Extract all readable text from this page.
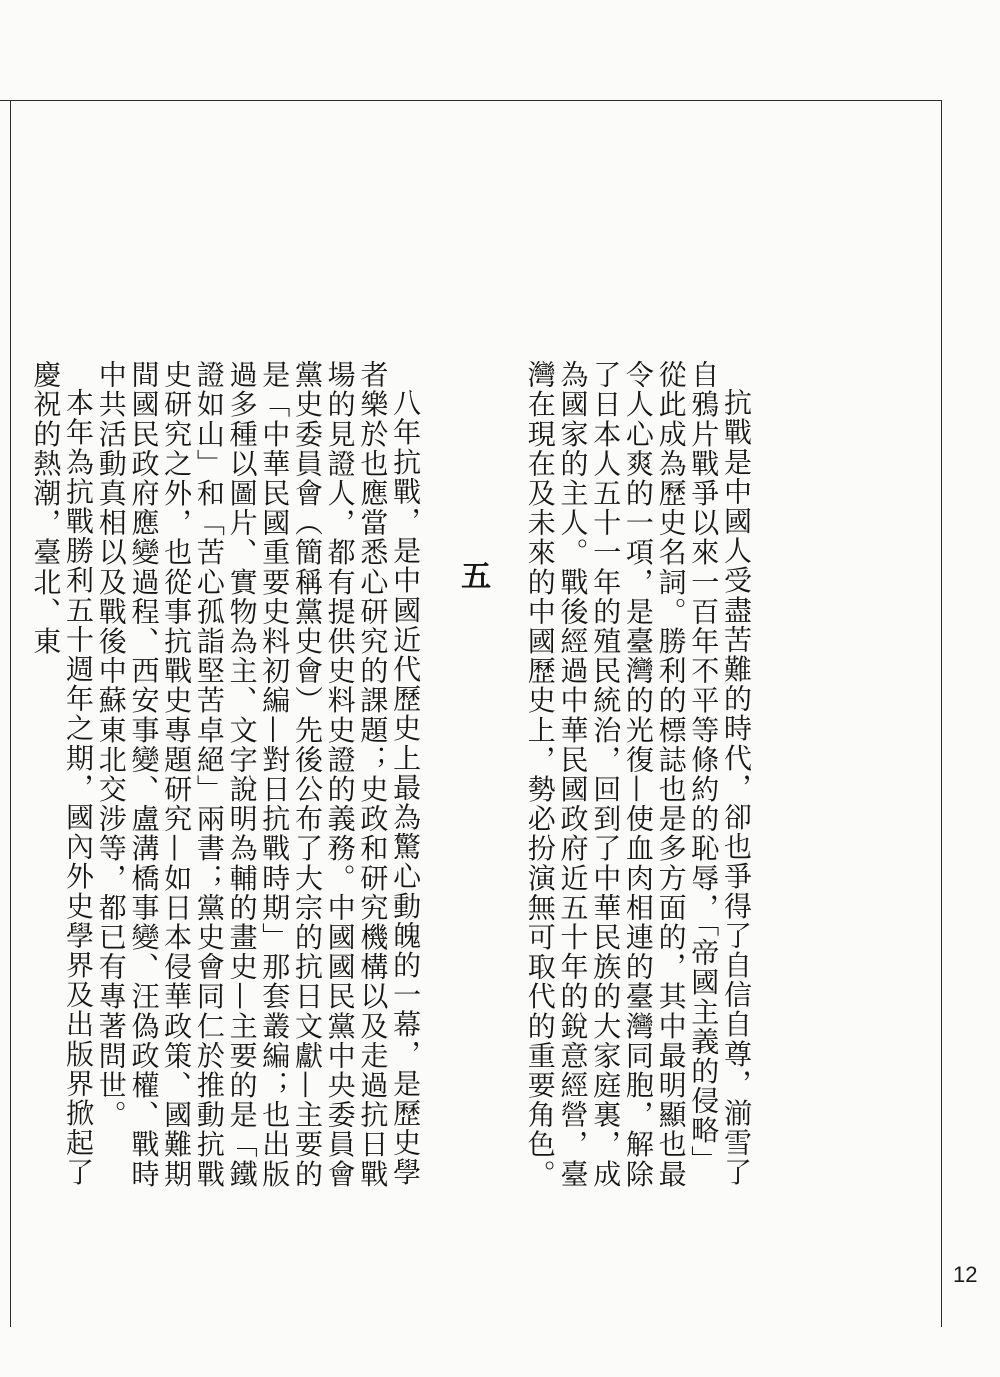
抗戰是中國人受盡苦難的時代，卻也爭得了自信自尊，湔雪了自鴉片戰爭以來一百年不平等條約的恥辱，「帝國主義的侵略」從此成為歷史名詞。勝利的標誌也是多方面的，其中最明顯也最令人心爽的一項，是臺灣的光復—使血肉相連的臺灣同胞，解除了日本人五十一年的殖民統治，回到了中華民族的大家庭裏，成為國家的主人。戰後經過中華民國政府近五十年的銳意經營，臺灣在現在及未來的中國歷史上，勢必扮演無可取代的重要角色。

五

八年抗戰，是中國近代歷史上最為驚心動魄的一幕，是歷史學者樂於也應當悉心研究的課題；史政和研究機構以及走過抗日戰場的見證人，都有提供史料史證的義務。中國國民黨中央委員會黨史委員會（簡稱黨史會）先後公布了大宗的抗日文獻—主要的是「中華民國重要史料初編—對日抗戰時期」那套叢編；也出版過多種以圖片、實物為主、文字說明為輔的畫史—主要的是「鐵證如山」和「苦心孤詣堅苦卓絕」兩書；黨史會同仁於推動抗戰史研究之外，也從事抗戰史專題研究—如日本侵華政策、國難期間國民政府應變過程、西安事變、盧溝橋事變、汪偽政權、戰時中共活動真相以及戰後中蘇東北交涉等，都已有專著問世。

本年為抗戰勝利五十週年之期，國內外史學界及出版界掀起了慶祝的熱潮，臺北、東

12
